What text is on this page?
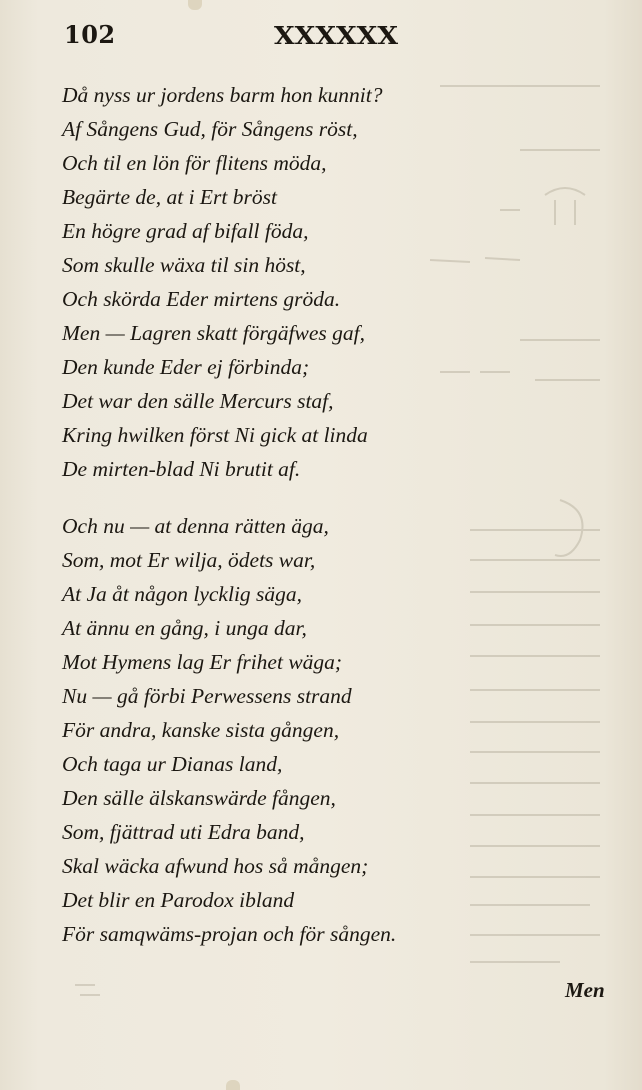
102	XXXXXX
Då nyss ur jordens barm hon kunnit?
Af Sångens Gud, för Sångens röst,
Och til en lön för flitens möda,
Begärte de, at i Ert bröst
En högre grad af bifall föda,
Som skulle wäxa til sin höst,
Och skörda Eder mirtens gröda.
Men — Lagren skatt förgäfwes gaf,
Den kunde Eder ej förbinda;
Det war den sälle Mercurs staf,
Kring hwilken först Ni gick at linda
De mirten-blad Ni brutit af.
Och nu — at denna rätten äga,
Som, mot Er wilja, ödets war,
At Ja åt någon lycklig säga,
At ännu en gång, i unga dar,
Mot Hymens lag Er frihet wäga;
Nu — gå förbi Perwessens strand
För andra, kanske sista gången,
Och taga ur Dianas land,
Den sälle älskanswärde fången,
Som, fjättrad uti Edra band,
Skal wäcka afwund hos så mången;
Det blir en Parodox ibland
För samqwäms-projan och för sången.
Men
